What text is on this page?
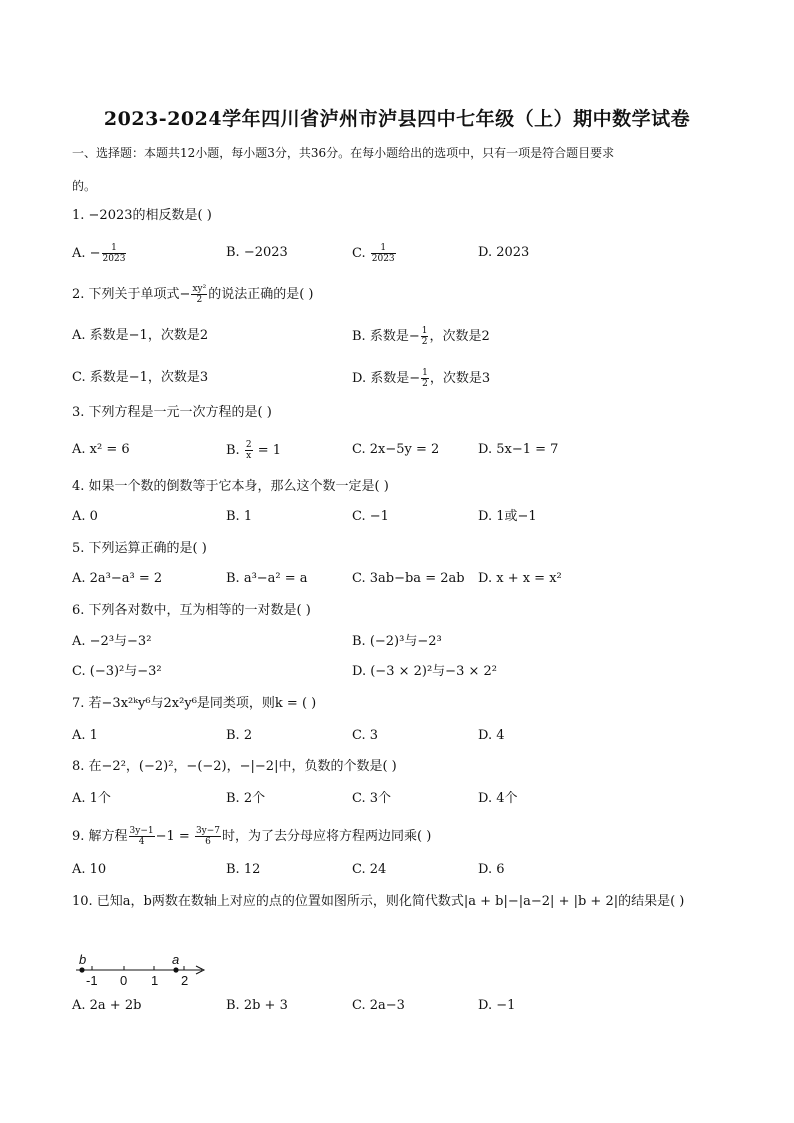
2023-2024学年四川省泸州市泸县四中七年级（上）期中数学试卷
一、选择题：本题共12小题，每小题3分，共36分。在每小题给出的选项中，只有一项是符合题目要求
的。
1. −2023的相反数是( )
A. − $\frac{1}{2023}$	B. −2023	C. $\frac{1}{2023}$	D. 2023
2. 下列关于单项式− $\frac{\text{xy²}}{2}$ 的说法正确的是( )
A. 系数是−1，次数是2	B. 系数是− $\frac{1}{2}$ ，次数是2
C. 系数是−1，次数是3	D. 系数是− $\frac{1}{2}$ ，次数是3
3. 下列方程是一元一次方程的是( )
A. x² = 6	B. $\frac{2}{x} = 1$	C. 2x−5y = 2	D. 5x−1 = 7
4. 如果一个数的倒数等于它本身，那么这个数一定是( )
A. 0	B. 1	C. −1	D. 1或−1
5. 下列运算正确的是( )
A. 2a³−a³ = 2	B. a³−a² = a	C. 3ab−ba = 2ab D. x + x = x²
6. 下列各对数中，互为相等的一对数是( )
A. −2³与−3²	B. (−2)³与−2³
C. (−3)²与−3²	D. (−3 × 2)²与−3 × 2²
7. 若−3x²ᵏy⁶与2x²y⁶是同类项，则k = ( )
A. 1	B. 2	C. 3	D. 4
8. 在−2²，(−2)²，−(−2)，−|−2|中，负数的个数是( )
A. 1个	B. 2个	C. 3个	D. 4个
9. 解方程 $\frac{3y-1}{4} -1 = \frac{3y-7}{6}$ 时，为了去分母应将方程两边同乘( )
A. 10	B. 12	C. 24	D. 6
10. 已知a，b两数在数轴上对应的点的位置如图所示，则化简代数式|a + b|−|a−2| + |b + 2|的结果是( )
b	a
-1 0 1 2
A. 2a + 2b	B. 2b + 3	C. 2a−3	D. −1
